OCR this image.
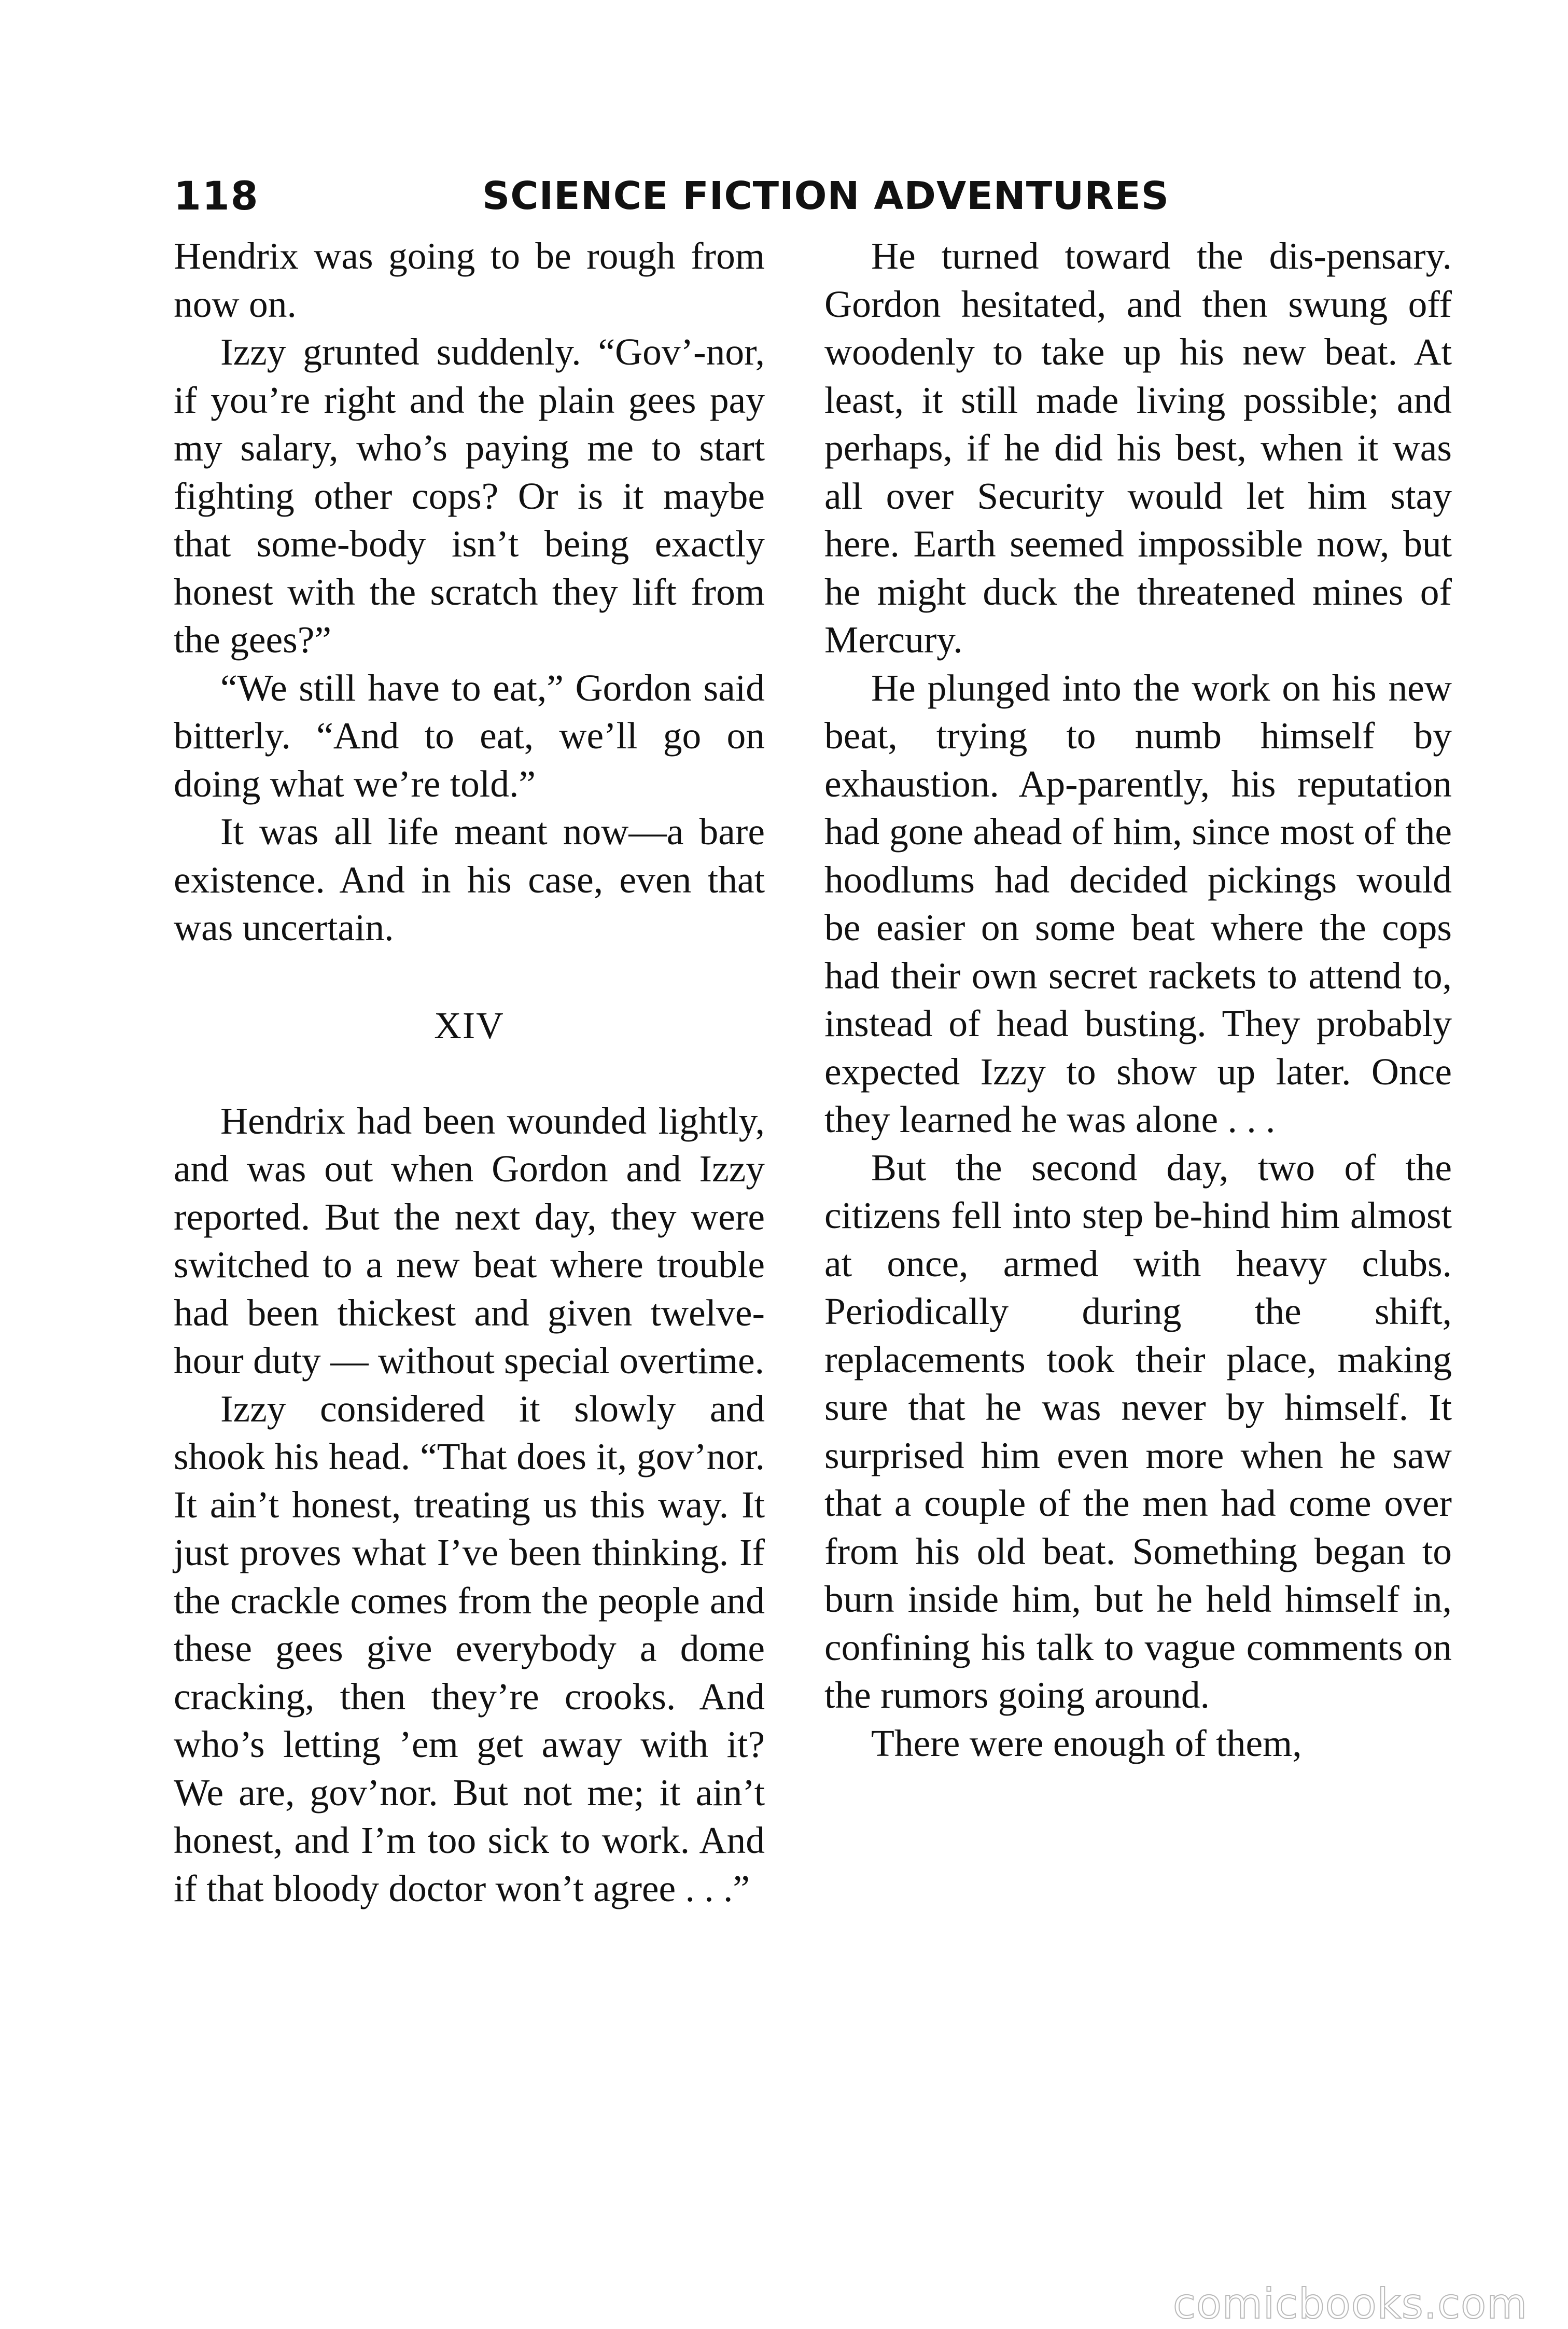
118	SCIENCE FICTION ADVENTURES

Hendrix was going to be rough from now on.

Izzy grunted suddenly. “Gov’-nor, if you’re right and the plain gees pay my salary, who’s paying me to start fighting other cops? Or is it maybe that some-body isn’t being exactly honest with the scratch they lift from the gees?”

“We still have to eat,” Gordon said bitterly. “And to eat, we’ll go on doing what we’re told.”

It was all life meant now—a bare existence. And in his case, even that was uncertain.

XIV

Hendrix had been wounded lightly, and was out when Gordon and Izzy reported. But the next day, they were switched to a new beat where trouble had been thickest and given twelve-hour duty — without special overtime.

Izzy considered it slowly and shook his head. “That does it, gov’nor. It ain’t honest, treating us this way. It just proves what I’ve been thinking. If the crackle comes from the people and these gees give everybody a dome cracking, then they’re crooks. And who’s letting ’em get away with it? We are, gov’nor. But not me; it ain’t honest, and I’m too sick to work. And if that bloody doctor won’t agree . . .”

He turned toward the dis-pensary. Gordon hesitated, and then swung off woodenly to take up his new beat. At least, it still made living possible; and perhaps, if he did his best, when it was all over Security would let him stay here. Earth seemed impossible now, but he might duck the threatened mines of Mercury.

He plunged into the work on his new beat, trying to numb himself by exhaustion. Ap-parently, his reputation had gone ahead of him, since most of the hoodlums had decided pickings would be easier on some beat where the cops had their own secret rackets to attend to, instead of head busting. They probably expected Izzy to show up later. Once they learned he was alone . . .

But the second day, two of the citizens fell into step be-hind him almost at once, armed with heavy clubs. Periodically during the shift, replacements took their place, making sure that he was never by himself. It surprised him even more when he saw that a couple of the men had come over from his old beat. Something began to burn inside him, but he held himself in, confining his talk to vague comments on the rumors going around.

There were enough of them,

comicbooks.com
